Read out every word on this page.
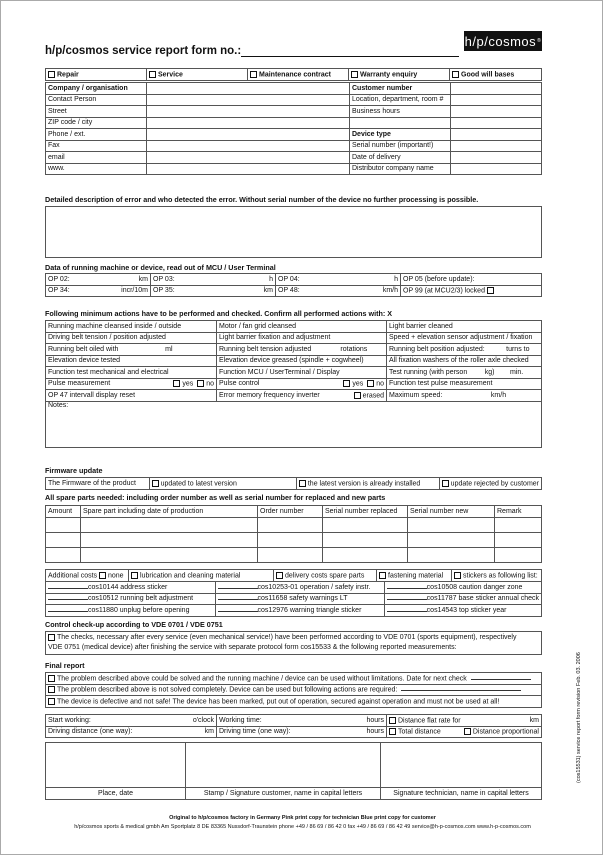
h/p/cosmos service report form no.:
h/p/cosmos ®
Repair	Service	Maintenance contract	Warranty enquiry	Good will bases
Company / organisation		Customer number	
Contact Person		Location, department, room #	
Street		Business hours	
ZIP code / city			
Phone / ext.		Device type	
Fax		Serial number (important!)	
email		Date of delivery	
www.		Distributor company name	
Detailed description of error and who detected the error. Without serial number of the device no further processing is possible.
Data of running machine or device, read out of MCU / User Terminal
OP 02: km	OP 03: h	OP 04: h	OP 05 (before update):
OP 34: incr/10m	OP 35: km	OP 48: km/h	OP 99 (at MCU2/3) locked
Following minimum actions have to be performed and checked. Confirm all performed actions with: X
Running machine cleansed inside / outside	Motor / fan grid cleansed	Light barrier cleaned
Driving belt tension / position adjusted	Light barrier fixation and adjustment	Speed + elevation sensor adjustment / fixation
Running belt oiled with                        ml	Running belt tension adjusted               rotations	Running belt position adjusted:           turns to
Elevation device tested	Elevation device greased (spindle + cogwheel)	All fixation washers of the roller axle checked
Function test mechanical and electrical	Function MCU / UserTerminal / Display	Test running (with person         kg)        min.
Pulse measurement yes no	Pulse control yes no	Function test pulse measurement
OP 47 intervall display reset	Error memory frequency inverter erased	Maximum speed:                         km/h
Notes:		
Firmware update
The Firmware of the product	updated to latest version	the latest version is already installed	update rejected by customer
All spare parts needed: including order number as well as serial number for replaced and new parts
Amount	Spare part including date of production	Order number	Serial number replaced	Serial number new	Remark

Additional costs none	lubrication and cleaning material	delivery costs spare parts	fastening material	stickers as following list:
cos10144 address sticker	cos10253-01 operation / safety instr.	cos10508 caution danger zone
cos10512 running belt adjustment	cos11658 safety warnings LT	cos11787 base sticker annual check
cos11880 unplug before opening	cos12976 warning triangle sticker	cos14543 top sticker year
Control check-up according to VDE 0701 / VDE 0751
The checks, necessary after every service (even mechanical service!) have been performed according to VDE 0701 (sports equipment), respectively
VDE 0751 (medical device) after finishing the service with separate protocol form cos15533 & the following reported measurements:
Final report
The problem described above could be solved and the running machine / device can be used without limitations. Date for next check
The problem described above is not solved completely. Device can be used but following actions are required:
The device is defective and not safe! The device has been marked, put out of operation, secured against operation and must not be used at all!
Start working: o'clock	Working time: hours	Distance flat rate for km

Driving distance (one way): km	Driving time (one way): hours	Total distance Distance proportional

Place, date	Stamp / Signature customer, name in capital letters	Signature technician, name in capital letters
(cos15531) service report form revision Feb. 03. 2006
Original to h/p/cosmos factory in Germany Pink print copy for technician Blue print copy for customer
h/p/cosmos sports & medical gmbh Am Sportplatz 8 DE 83365 Nussdorf-Traunstein phone +49 / 86 69 / 86 42 0 fax +49 / 86 69 / 86 42 49 service@h-p-cosmos.com www.h-p-cosmos.com
